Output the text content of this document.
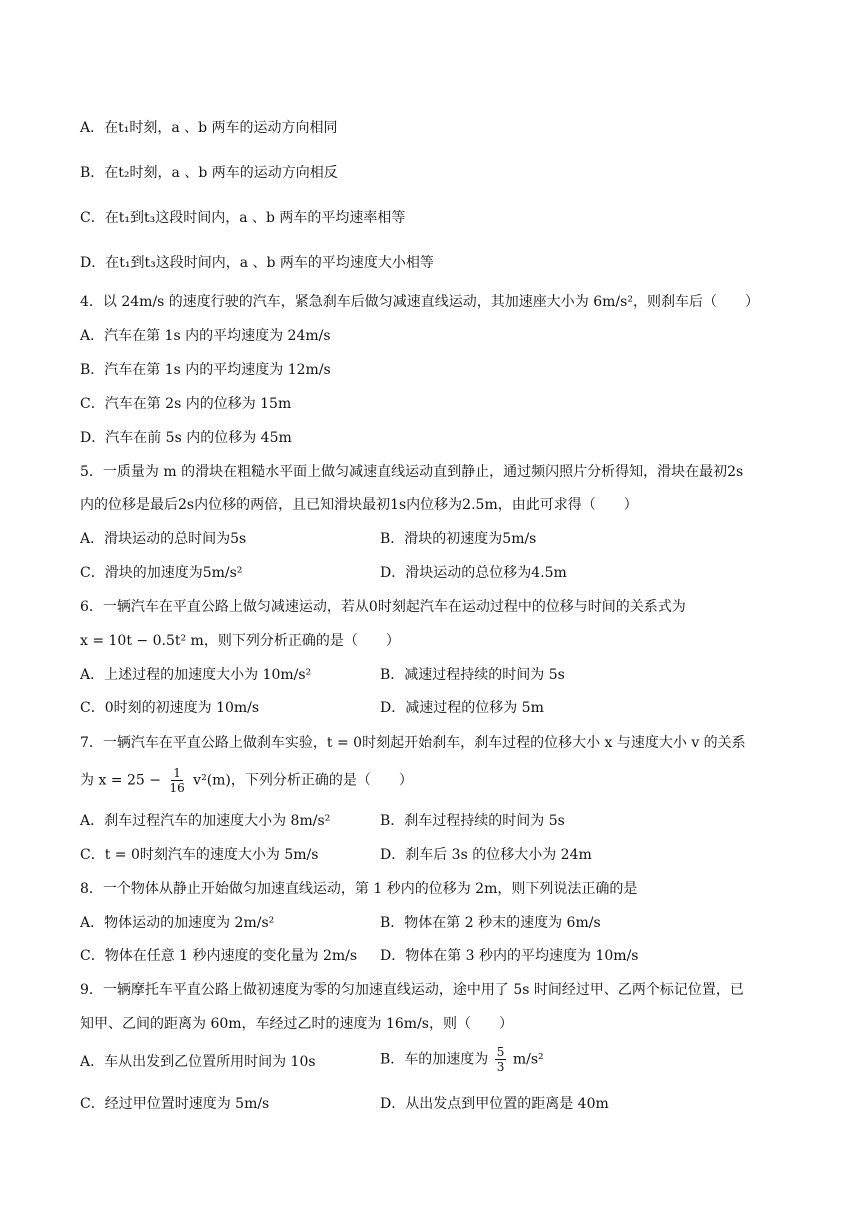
A．在t₁时刻，a 、b 两车的运动方向相同
B．在t₂时刻，a 、b 两车的运动方向相反
C．在t₁到t₃这段时间内，a 、b 两车的平均速率相等
D．在t₁到t₃这段时间内，a 、b 两车的平均速度大小相等
4．以 24m/s 的速度行驶的汽车，紧急刹车后做匀减速直线运动，其加速座大小为 6m/s²，则刹车后（　　）
A．汽车在第 1s 内的平均速度为 24m/s
B．汽车在第 1s 内的平均速度为 12m/s
C．汽车在第 2s 内的位移为 15m
D．汽车在前 5s 内的位移为 45m
5．一质量为 m 的滑块在粗糙水平面上做匀减速直线运动直到静止，通过频闪照片分析得知，滑块在最初2s
内的位移是最后2s内位移的两倍，且已知滑块最初1s内位移为2.5m，由此可求得（　　）
A．滑块运动的总时间为5s	B．滑块的初速度为5m/s
C．滑块的加速度为5m/s²	D．滑块运动的总位移为4.5m
6．一辆汽车在平直公路上做匀减速运动，若从0时刻起汽车在运动过程中的位移与时间的关系式为
x = 10t − 0.5t² m，则下列分析正确的是（　　）
A．上述过程的加速度大小为 10m/s²	B．减速过程持续的时间为 5s
C．0时刻的初速度为 10m/s	D．减速过程的位移为 5m
7．一辆汽车在平直公路上做刹车实验，t = 0时刻起开始刹车，刹车过程的位移大小 x 与速度大小 v 的关系
为 $x = 25 - \frac{1}{16} v^2(m)$，下列分析正确的是（　　）
A．刹车过程汽车的加速度大小为 8m/s²	B．刹车过程持续的时间为 5s
C．t = 0时刻汽车的速度大小为 5m/s	D．刹车后 3s 的位移大小为 24m
8．一个物体从静止开始做匀加速直线运动，第 1 秒内的位移为 2m，则下列说法正确的是
A．物体运动的加速度为 2m/s²	B．物体在第 2 秒末的速度为 6m/s
C．物体在任意 1 秒内速度的变化量为 2m/s D．物体在第 3 秒内的平均速度为 10m/s
9．一辆摩托车平直公路上做初速度为零的匀加速直线运动，途中用了 5s 时间经过甲、乙两个标记位置，已
知甲、乙间的距离为 60m，车经过乙时的速度为 16m/s，则（　　）
A．车从出发到乙位置所用时间为 10s	B．车的加速度为 $\frac{5}{3} m/s^2$
C．经过甲位置时速度为 5m/s	D．从出发点到甲位置的距离是 40m
